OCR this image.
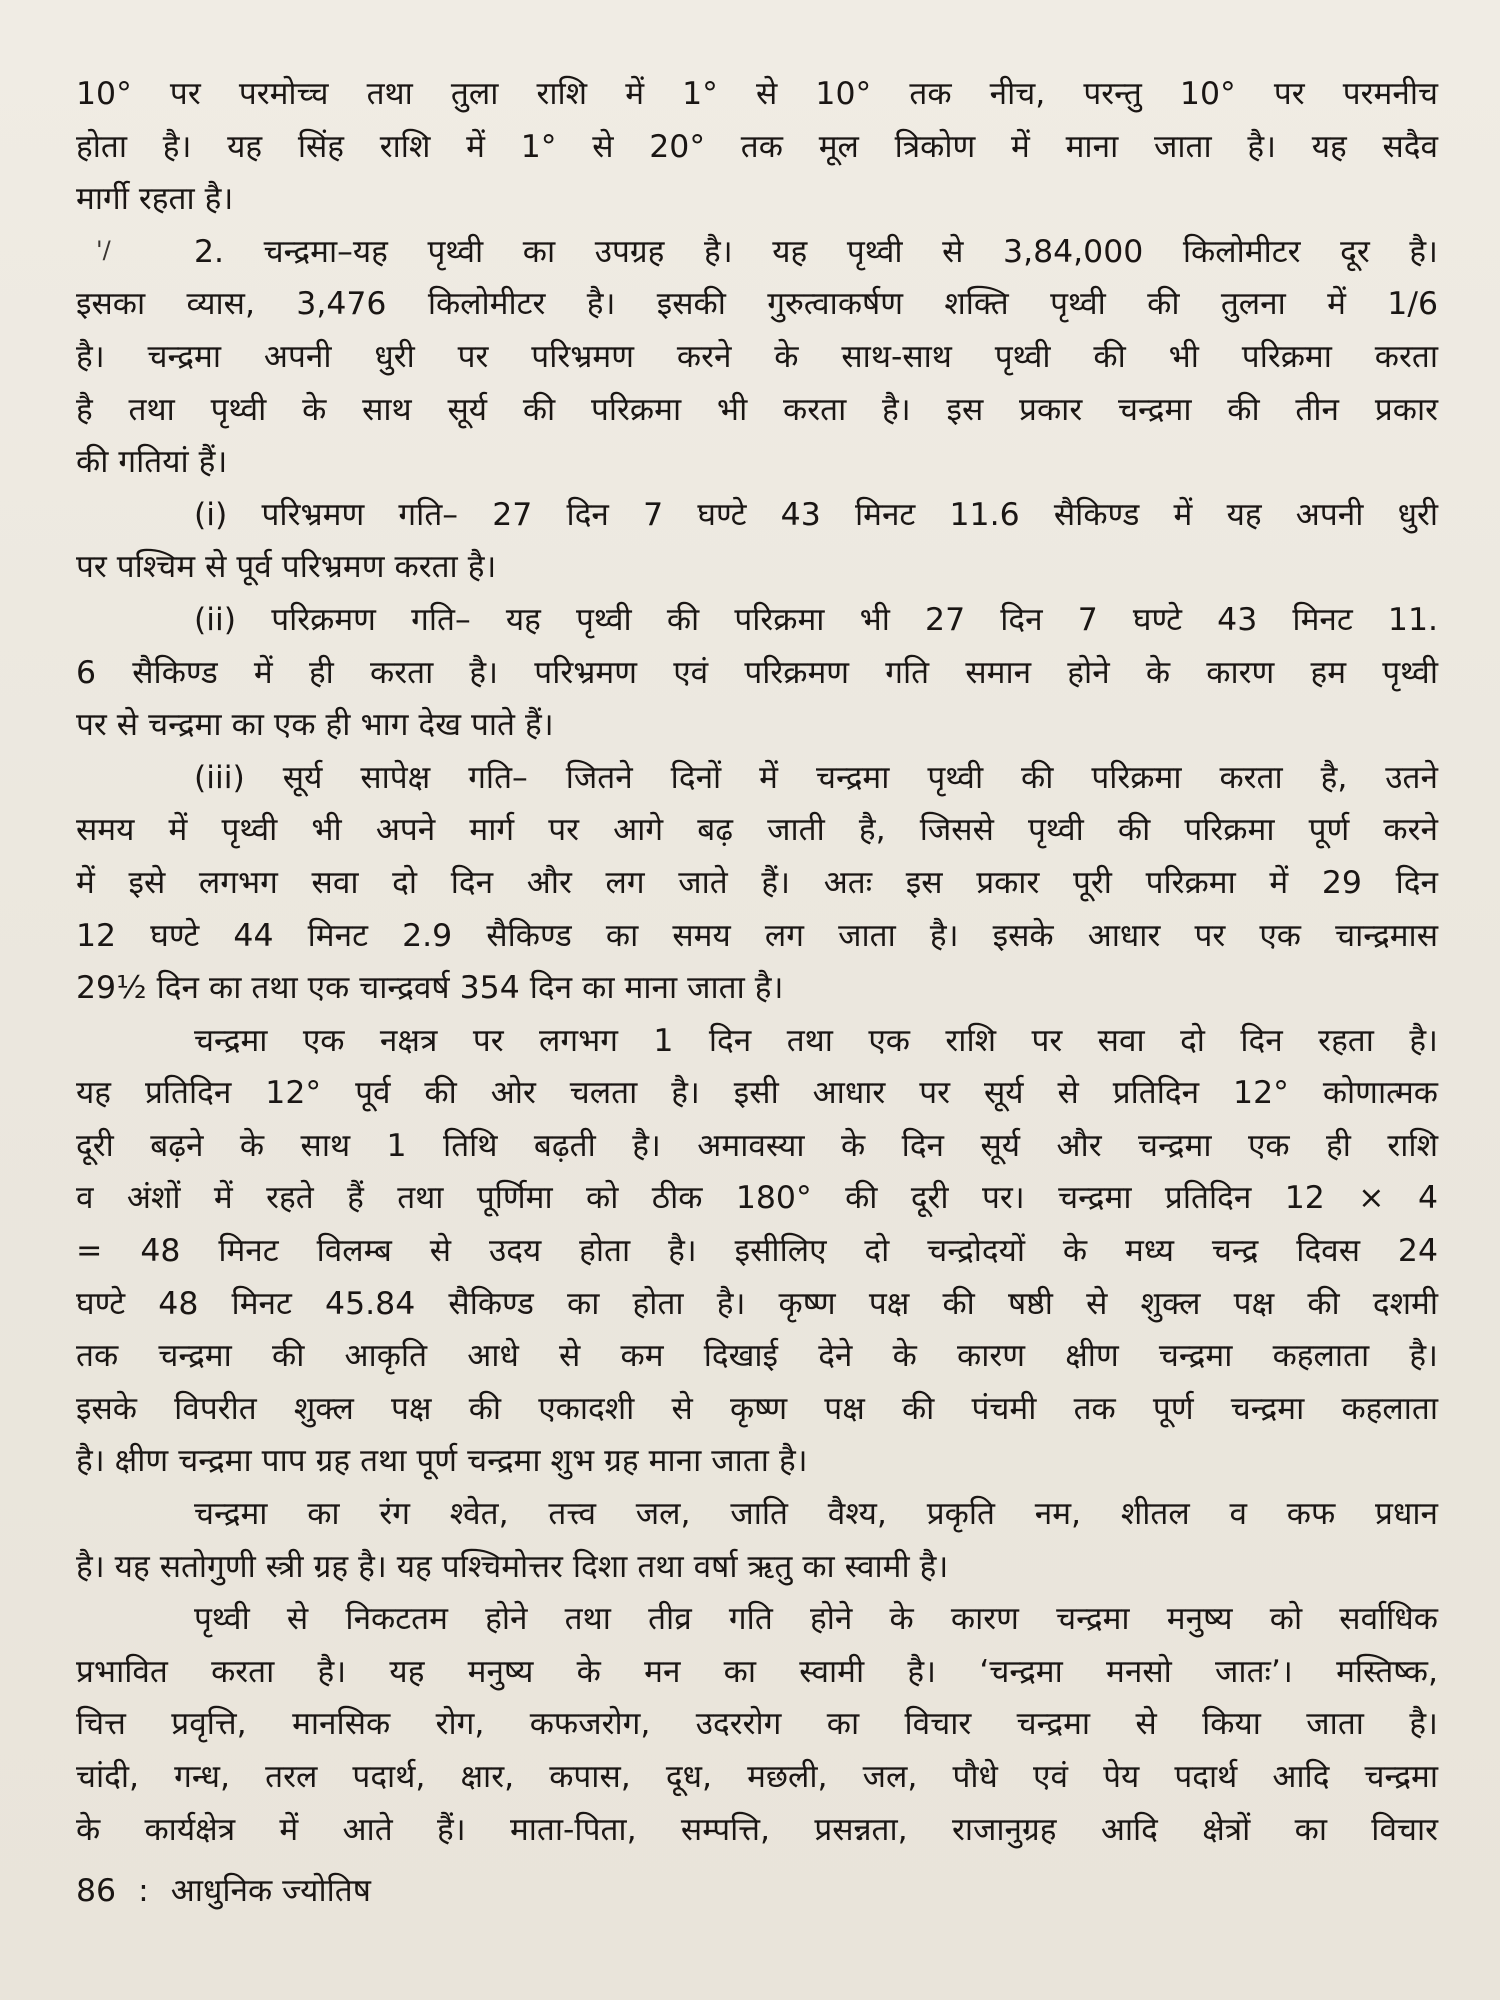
'/
10° पर परमोच्च तथा तुला राशि में 1° से 10° तक नीच, परन्तु 10° पर परमनीच
होता है। यह सिंह राशि में 1° से 20° तक मूल त्रिकोण में माना जाता है। यह सदैव
मार्गी रहता है।
2. चन्द्रमा–यह पृथ्वी का उपग्रह है। यह पृथ्वी से 3,84,000 किलोमीटर दूर है।
इसका व्यास, 3,476 किलोमीटर है। इसकी गुरुत्वाकर्षण शक्ति पृथ्वी की तुलना में 1/6
है। चन्द्रमा अपनी धुरी पर परिभ्रमण करने के साथ-साथ पृथ्वी की भी परिक्रमा करता
है तथा पृथ्वी के साथ सूर्य की परिक्रमा भी करता है। इस प्रकार चन्द्रमा की तीन प्रकार
की गतियां हैं।
(i) परिभ्रमण गति– 27 दिन 7 घण्टे 43 मिनट 11.6 सैकिण्ड में यह अपनी धुरी
पर पश्चिम से पूर्व परिभ्रमण करता है।
(ii) परिक्रमण गति– यह पृथ्वी की परिक्रमा भी 27 दिन 7 घण्टे 43 मिनट 11.
6 सैकिण्ड में ही करता है। परिभ्रमण एवं परिक्रमण गति समान होने के कारण हम पृथ्वी
पर से चन्द्रमा का एक ही भाग देख पाते हैं।
(iii) सूर्य सापेक्ष गति– जितने दिनों में चन्द्रमा पृथ्वी की परिक्रमा करता है, उतने
समय में पृथ्वी भी अपने मार्ग पर आगे बढ़ जाती है, जिससे पृथ्वी की परिक्रमा पूर्ण करने
में इसे लगभग सवा दो दिन और लग जाते हैं। अतः इस प्रकार पूरी परिक्रमा में 29 दिन
12 घण्टे 44 मिनट 2.9 सैकिण्ड का समय लग जाता है। इसके आधार पर एक चान्द्रमास
29½ दिन का तथा एक चान्द्रवर्ष 354 दिन का माना जाता है।
चन्द्रमा एक नक्षत्र पर लगभग 1 दिन तथा एक राशि पर सवा दो दिन रहता है।
यह प्रतिदिन 12° पूर्व की ओर चलता है। इसी आधार पर सूर्य से प्रतिदिन 12° कोणात्मक
दूरी बढ़ने के साथ 1 तिथि बढ़ती है। अमावस्या के दिन सूर्य और चन्द्रमा एक ही राशि
व अंशों में रहते हैं तथा पूर्णिमा को ठीक 180° की दूरी पर। चन्द्रमा प्रतिदिन 12 × 4
= 48 मिनट विलम्ब से उदय होता है। इसीलिए दो चन्द्रोदयों के मध्य चन्द्र दिवस 24
घण्टे 48 मिनट 45.84 सैकिण्ड का होता है। कृष्ण पक्ष की षष्ठी से शुक्ल पक्ष की दशमी
तक चन्द्रमा की आकृति आधे से कम दिखाई देने के कारण क्षीण चन्द्रमा कहलाता है।
इसके विपरीत शुक्ल पक्ष की एकादशी से कृष्ण पक्ष की पंचमी तक पूर्ण चन्द्रमा कहलाता
है। क्षीण चन्द्रमा पाप ग्रह तथा पूर्ण चन्द्रमा शुभ ग्रह माना जाता है।
चन्द्रमा का रंग श्वेत, तत्त्व जल, जाति वैश्य, प्रकृति नम, शीतल व कफ प्रधान
है। यह सतोगुणी स्त्री ग्रह है। यह पश्चिमोत्तर दिशा तथा वर्षा ऋतु का स्वामी है।
पृथ्वी से निकटतम होने तथा तीव्र गति होने के कारण चन्द्रमा मनुष्य को सर्वाधिक
प्रभावित करता है। यह मनुष्य के मन का स्वामी है। ‘चन्द्रमा मनसो जातः’। मस्तिष्क,
चित्त प्रवृत्ति, मानसिक रोग, कफजरोग, उदररोग का विचार चन्द्रमा से किया जाता है।
चांदी, गन्ध, तरल पदार्थ, क्षार, कपास, दूध, मछली, जल, पौधे एवं पेय पदार्थ आदि चन्द्रमा
के कार्यक्षेत्र में आते हैं। माता-पिता, सम्पत्ति, प्रसन्नता, राजानुग्रह आदि क्षेत्रों का विचार
86 : आधुनिक ज्योतिष
